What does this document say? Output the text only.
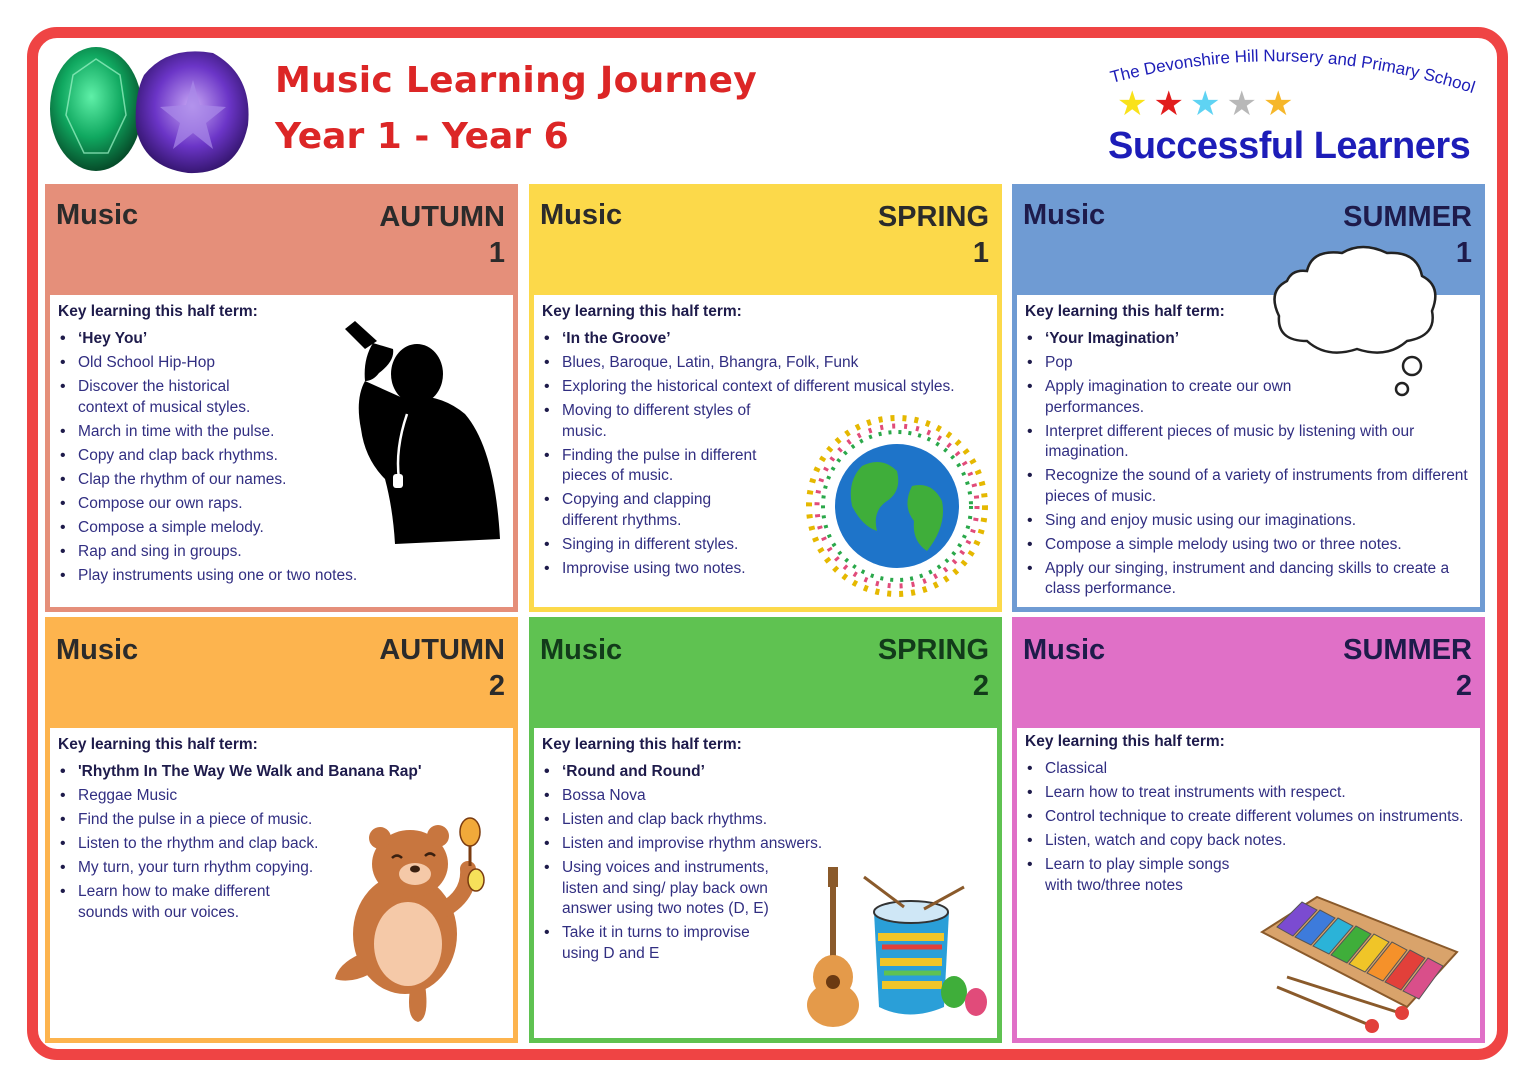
Music Learning Journey
Year 1 - Year 6
The Devonshire Hill Nursery and Primary School
★ ★ ★ ★ ★
Successful Learners
Music	AUTUMN
1
Key learning this half term:
• ‘Hey You’
• Old School Hip-Hop
• Discover the historical context of musical styles.
• March in time with the pulse.
• Copy and clap back rhythms.
• Clap the rhythm of our names.
• Compose our own raps.
• Compose a simple melody.
• Rap and sing in groups.
• Play instruments using one or two notes.
Music	SPRING
1
Key learning this half term:
• ‘In the Groove’
• Blues, Baroque, Latin, Bhangra, Folk, Funk
• Exploring the historical context of different musical styles.
• Moving to different styles of music.
• Finding the pulse in different pieces of music.
• Copying and clapping different rhythms.
• Singing in different styles.
• Improvise using two notes.
Music	SUMMER
1
Key learning this half term:
• ‘Your Imagination’
• Pop
• Apply imagination to create our own performances.
• Interpret different pieces of music by listening with our imagination.
• Recognize the sound of a variety of instruments from different pieces of music.
• Sing and enjoy music using our imaginations.
• Compose a simple melody using two or three notes.
• Apply our singing, instrument and dancing skills to create a class performance.
Music	AUTUMN
2
Key learning this half term:
• 'Rhythm In The Way We Walk and Banana Rap'
• Reggae Music
• Find the pulse in a piece of music.
• Listen to the rhythm and clap back.
• My turn, your turn rhythm copying.
• Learn how to make different sounds with our voices.
Music	SPRING
2
Key learning this half term:
• ‘Round and Round’
• Bossa Nova
• Listen and clap back rhythms.
• Listen and improvise rhythm answers.
• Using voices and instruments, listen and sing/ play back own answer using two notes (D, E)
• Take it in turns to improvise using D and E
Music	SUMMER
2
Key learning this half term:
• Classical
• Learn how to treat instruments with respect.
• Control technique to create different volumes on instruments.
• Listen, watch and copy back notes.
• Learn to play simple songs with two/three notes
